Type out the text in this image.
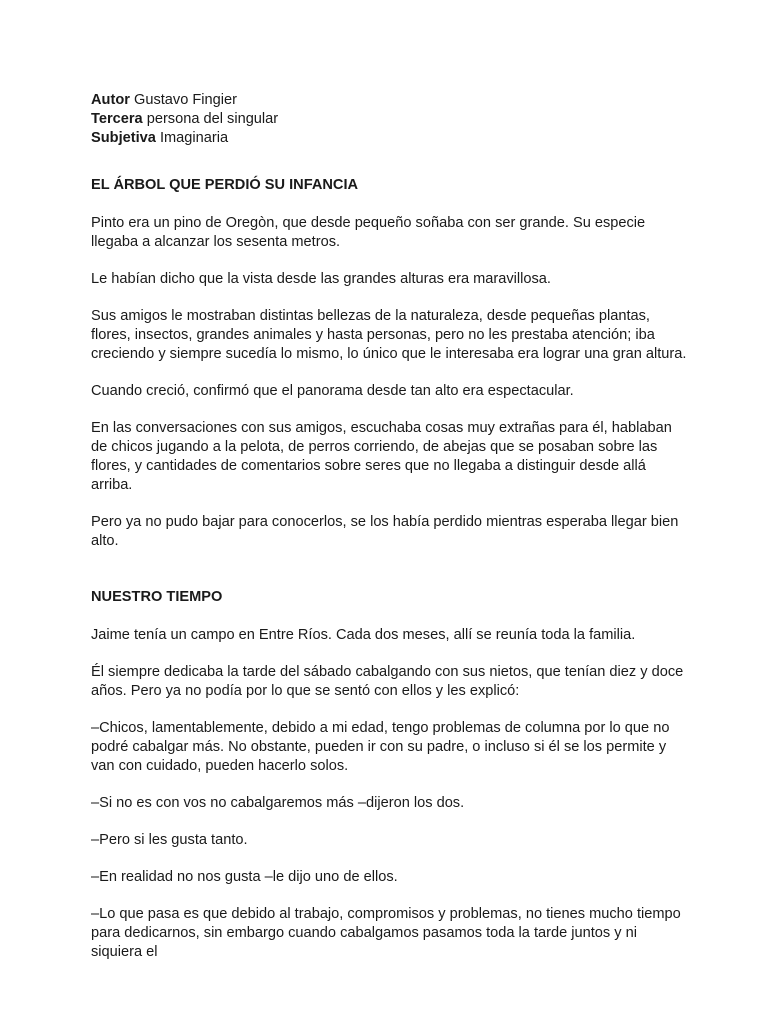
Autor Gustavo Fingier
Tercera persona del singular
Subjetiva Imaginaria
EL ÁRBOL QUE PERDIÓ SU INFANCIA

Pinto era un pino de Oregòn, que desde pequeño soñaba con ser grande. Su especie llegaba a alcanzar los sesenta metros.

Le habían dicho que la vista desde las grandes alturas era maravillosa.

Sus amigos le mostraban distintas bellezas de la naturaleza, desde pequeñas plantas, flores, insectos, grandes animales y hasta personas, pero no les prestaba atención; iba creciendo y siempre sucedía lo mismo, lo único que le interesaba era lograr una gran altura.

Cuando creció, confirmó que el panorama desde tan alto era espectacular.

En las conversaciones con sus amigos, escuchaba cosas muy extrañas para él, hablaban de chicos jugando a la pelota, de perros corriendo, de abejas que se posaban sobre las flores, y cantidades de comentarios sobre seres que no llegaba a distinguir desde allá arriba.

Pero ya no pudo bajar para conocerlos, se los había perdido mientras esperaba llegar bien alto.

NUESTRO TIEMPO

Jaime tenía un campo en Entre Ríos. Cada dos meses, allí se reunía toda la familia.

Él siempre dedicaba la tarde del sábado cabalgando con sus nietos, que tenían diez y doce años. Pero ya no podía por lo que se sentó con ellos y les explicó:

–Chicos, lamentablemente, debido a mi edad, tengo problemas de columna por lo que no podré cabalgar más. No obstante, pueden ir con su padre, o incluso si él se los permite y van con cuidado, pueden hacerlo solos.

–Si no es con vos no cabalgaremos más –dijeron los dos.

–Pero si les gusta tanto.

–En realidad no nos gusta –le dijo uno de ellos.

–Lo que pasa es que debido al trabajo, compromisos y problemas, no tienes mucho tiempo para dedicarnos, sin embargo cuando cabalgamos pasamos toda la tarde juntos y ni siquiera el
